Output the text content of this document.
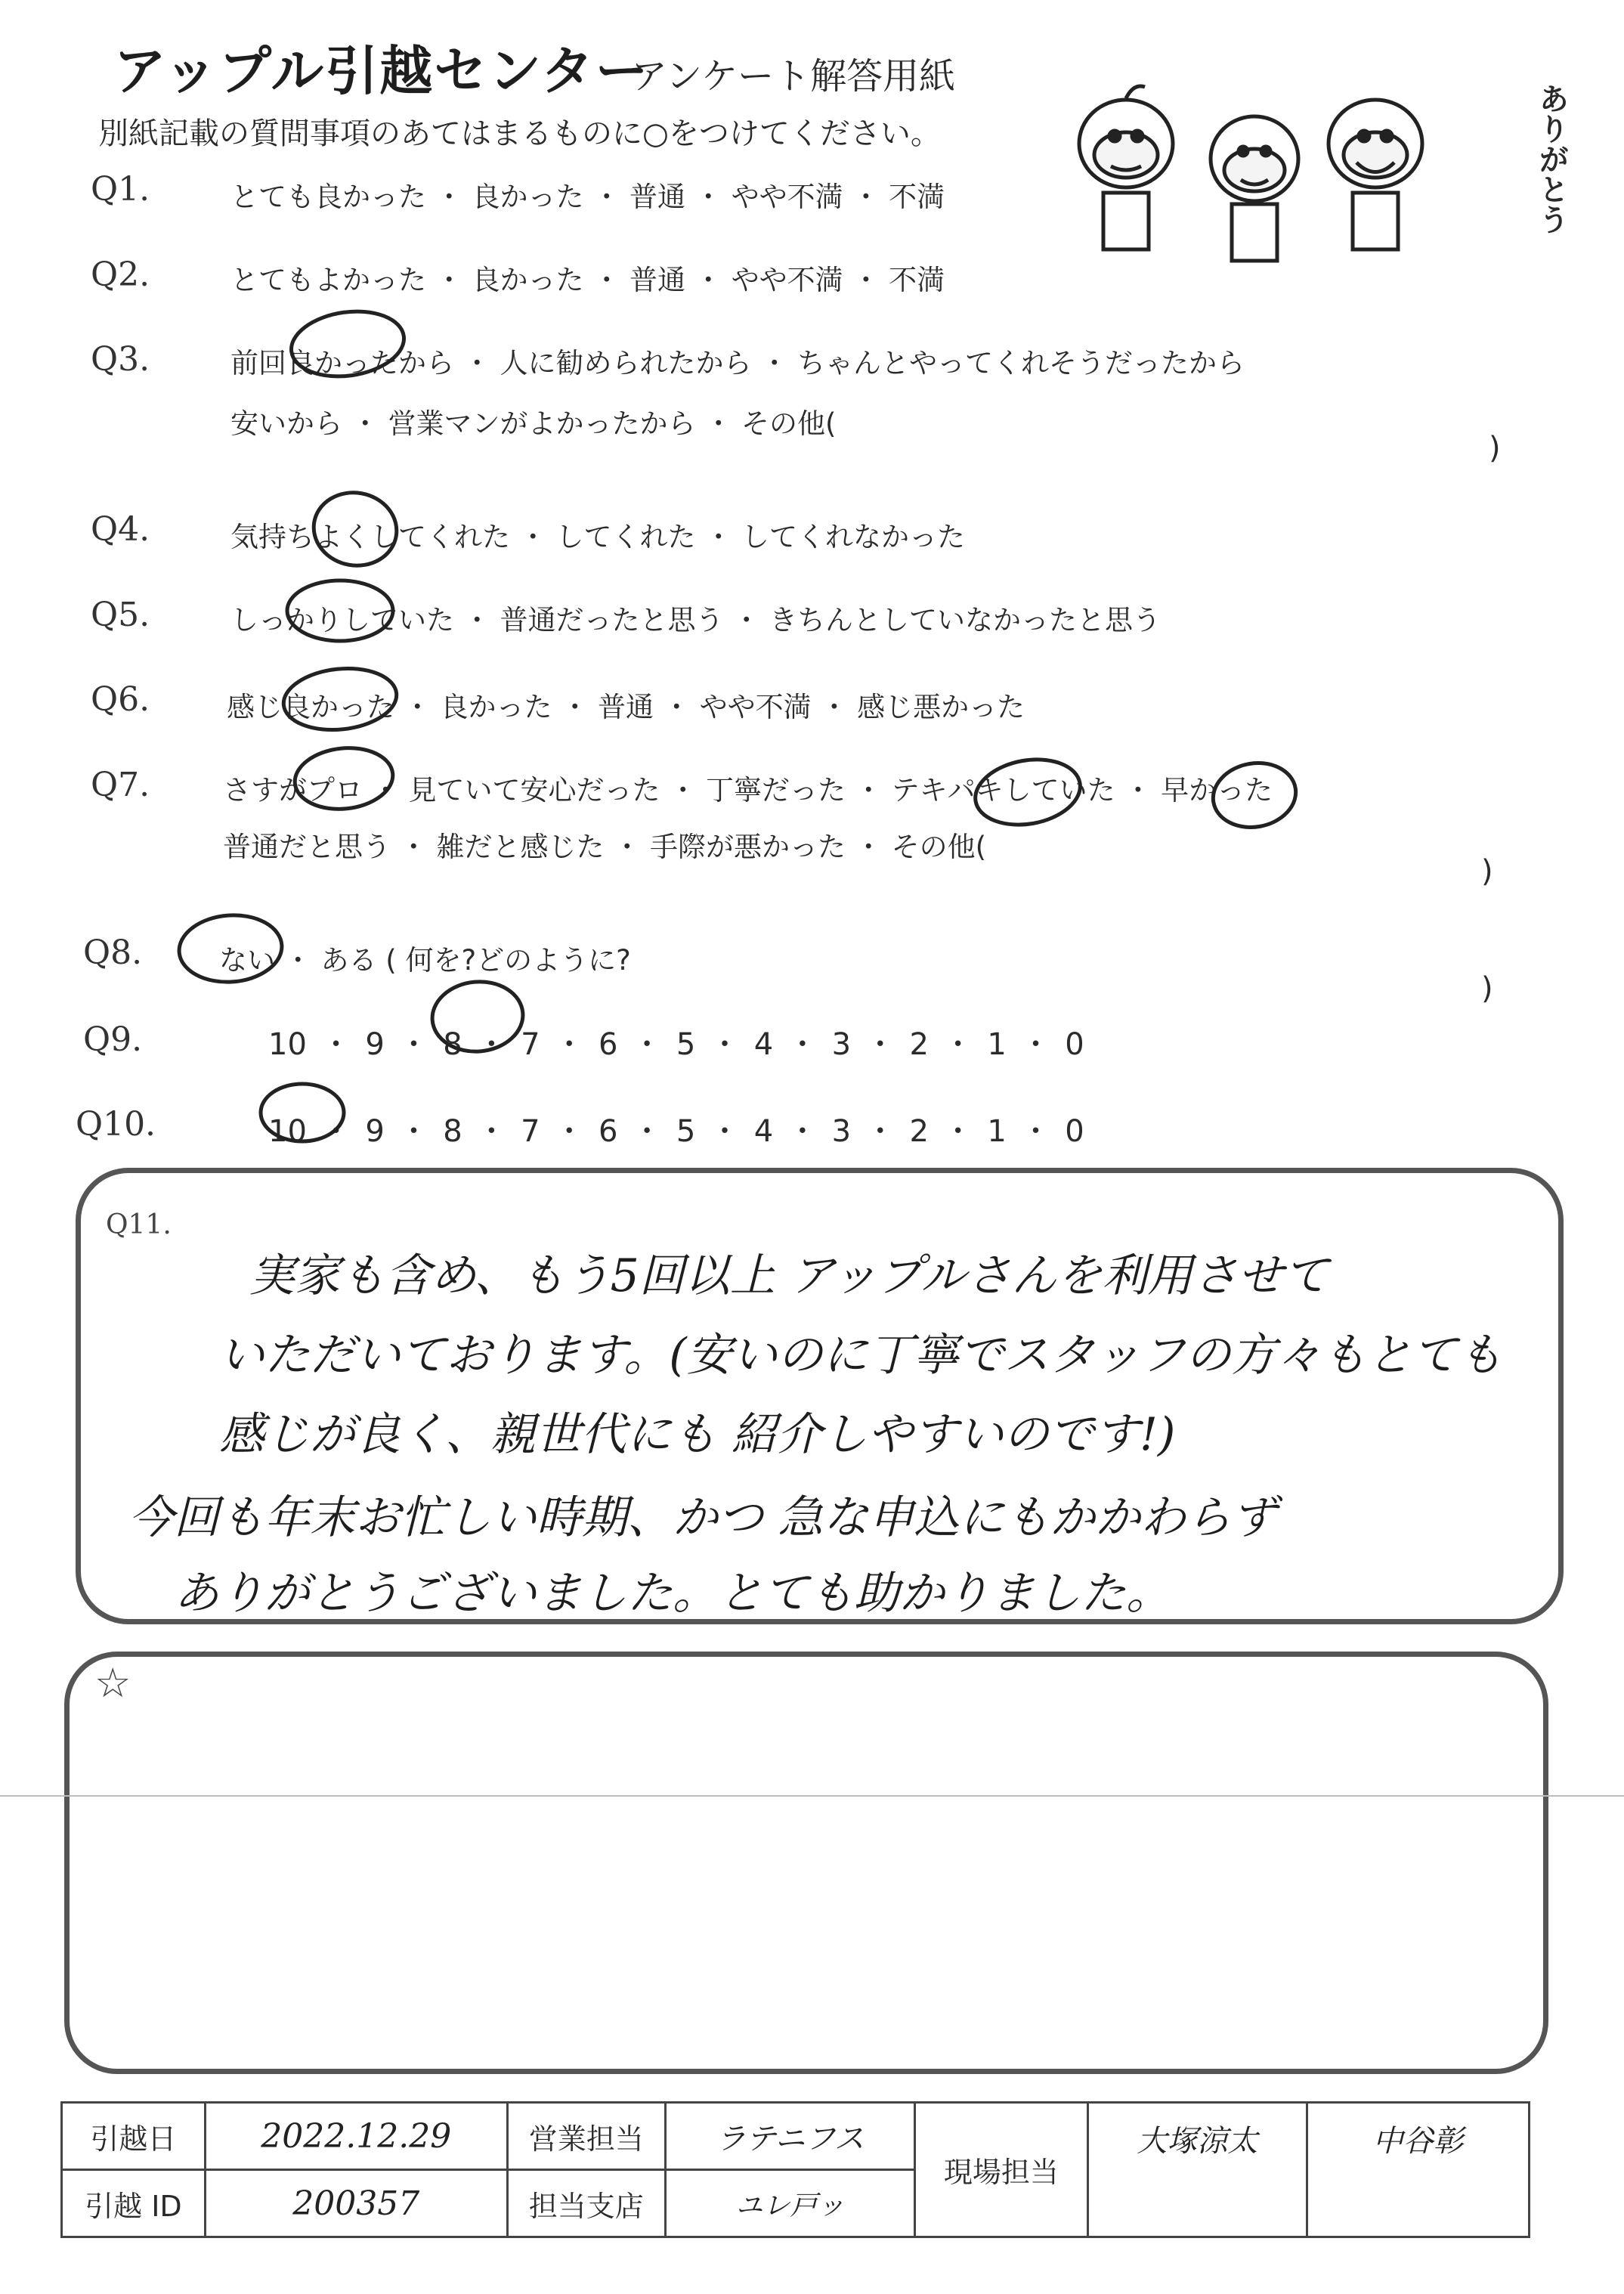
アップル引越センター
アンケート解答用紙
別紙記載の質問事項のあてはまるものに○をつけてください。	ありがとう
Q1.	とても良かった ・ 良かった ・ 普通 ・ やや不満 ・ 不満
Q2.	とてもよかった ・ 良かった ・ 普通 ・ やや不満 ・ 不満
Q3.	前回良かったから ・ 人に勧められたから ・ ちゃんとやってくれそうだったから
安いから ・ 営業マンがよかったから ・ その他(
)
Q4.	気持ちよくしてくれた ・ してくれた ・ してくれなかった
Q5.	しっかりしていた ・ 普通だったと思う ・ きちんとしていなかったと思う
Q6.	感じ良かった ・ 良かった ・ 普通 ・ やや不満 ・ 感じ悪かった
Q7.	さすがプロ ・ 見ていて安心だった ・ 丁寧だった ・ テキパキしていた ・ 早かった
普通だと思う ・ 雑だと感じた ・ 手際が悪かった ・ その他(
)
Q8.	ない ・ ある ( 何を?どのように?
)
Q9.	10 ・ 9 ・ 8 ・ 7 ・ 6 ・ 5 ・ 4 ・ 3 ・ 2 ・ 1 ・ 0
Q10.	10 ・ 9 ・ 8 ・ 7 ・ 6 ・ 5 ・ 4 ・ 3 ・ 2 ・ 1 ・ 0
Q11.
実家も含め、もう5回以上 アップルさんを利用させて
いただいております。(安いのに丁寧でスタッフの方々もとても
感じが良く、親世代にも 紹介しやすいのです!)
今回も年末お忙しい時期、かつ 急な申込にもかかわらず
ありがとうございました。とても助かりました。
☆
引越日	2022.12.29	営業担当	ラテニフス	現場担当	大塚涼太	中谷彰
引越 ID	200357	担当支店	ユレ戸ッ			
